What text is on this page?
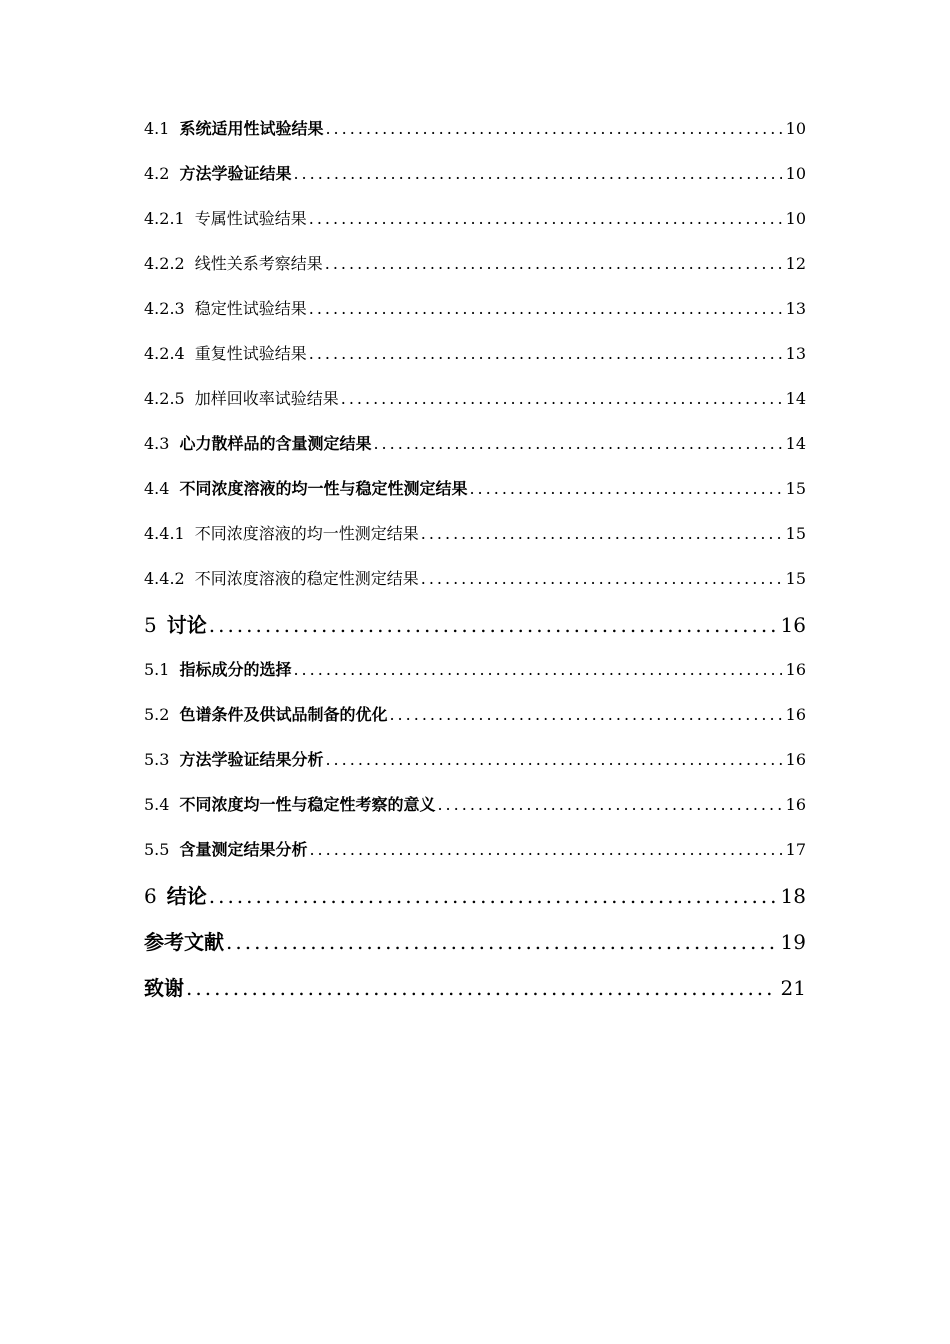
4.1 系统适用性试验结果 .....	10
4.2 方法学验证结果 .....	10
4.2.1 专属性试验结果 .....	10
4.2.2 线性关系考察结果 .....	12
4.2.3 稳定性试验结果 .....	13
4.2.4 重复性试验结果 .....	13
4.2.5 加样回收率试验结果 .....	14
4.3 心力散样品的含量测定结果 .....	14
4.4 不同浓度溶液的均一性与稳定性测定结果 .....	15
4.4.1 不同浓度溶液的均一性测定结果 .....	15
4.4.2 不同浓度溶液的稳定性测定结果 .....	15
5 讨论 .....	16
5.1 指标成分的选择 .....	16
5.2 色谱条件及供试品制备的优化 .....	16
5.3 方法学验证结果分析 .....	16
5.4 不同浓度均一性与稳定性考察的意义 .....	16
5.5 含量测定结果分析 .....	17
6 结论 .....	18
参考文献 .....	19
致谢 .....	21
